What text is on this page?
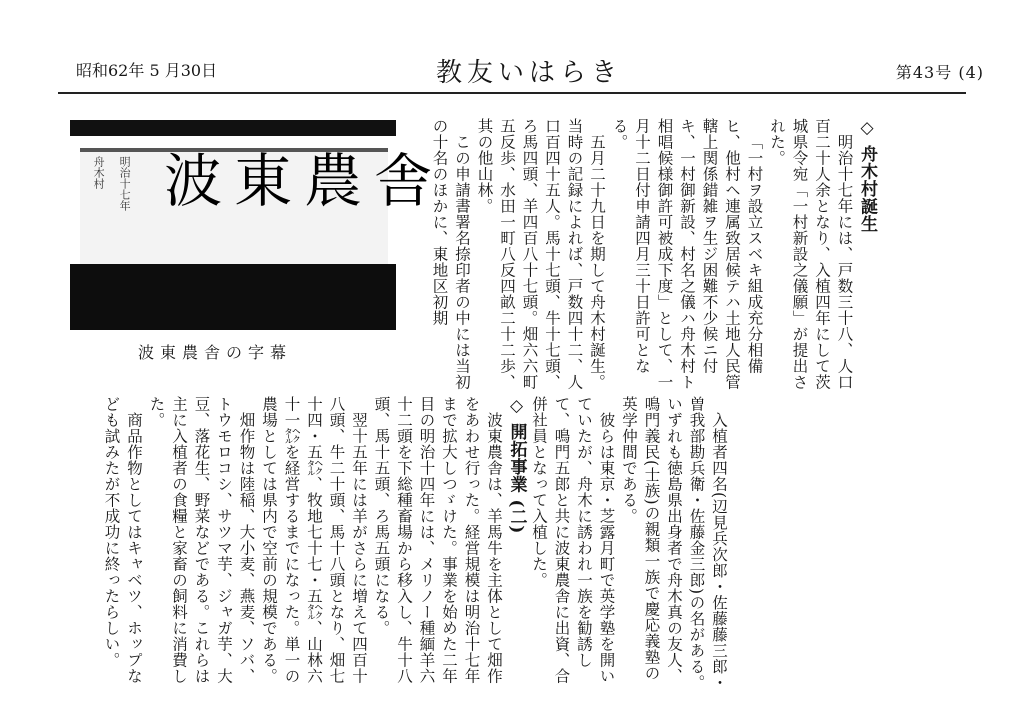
昭和62年 5 月30日	教友いはらき	第43号 (4)
波東農舎
明治十七年
舟木村
波東農舎の字幕

◇ 舟木村誕生

明治十七年には、戸数三十八、人口百二十人余となり、入植四年にして茨城県令宛「一村新設之儀願」が提出された。

「一村ヲ設立スベキ組成充分相備ヒ、他村ヘ連属致居候テハ土地人民管轄上関係錯雑ヲ生ジ困難不少候ニ付キ、一村御新設、村名之儀ハ舟木村ト相唱候様御許可被成下度」として、一月十二日付申請四月三十日許可となる。

五月二十九日を期して舟木村誕生。当時の記録によれば、戸数四十二、人口百四十五人。馬十七頭、牛十七頭、ろ馬四頭、羊四百八十七頭。畑六六町五反歩、水田一町八反四畝二十二歩、其の他山林。

この申請書署名捺印者の中には当初の十名のほかに、東地区初期

入植者四名(辺見兵次郎・佐藤藤三郎・曽我部勘兵衛・佐藤金三郎)の名がある。いずれも徳島県出身者で舟木真の友人、鳴門義民(士族)の親類一族で慶応義塾の英学仲間である。

彼らは東京・芝露月町で英学塾を開いていたが、舟木に誘われ一族を勧誘して、鳴門五郎と共に波東農舎に出資、合併社員となって入植した。

◇ 開拓事業 (二)

波東農舎は、羊馬牛を主体として畑作をあわせ行った。経営規模は明治十七年まで拡大しつゞけた。事業を始めた二年目の明治十四年には、メリノー種緬羊六十二頭を下総種畜場から移入し、牛十八頭、馬十五頭、ろ馬五頭になる。

翌十五年には羊がさらに増えて四百十八頭、牛二十頭、馬十八頭となり、畑七十四・五㌶、牧地七十七・五㌶、山林六十一㌶を経営するまでになった。単一の農場としては県内で空前の規模である。

畑作物は陸稲、大小麦、燕麦、ソバ、トウモロコシ、サツマ芋、ジャガ芋、大豆、落花生、野菜などである。これらは主に入植者の食糧と家畜の飼料に消費した。

商品作物としてはキャベツ、ホップなども試みたが不成功に終ったらしい。
